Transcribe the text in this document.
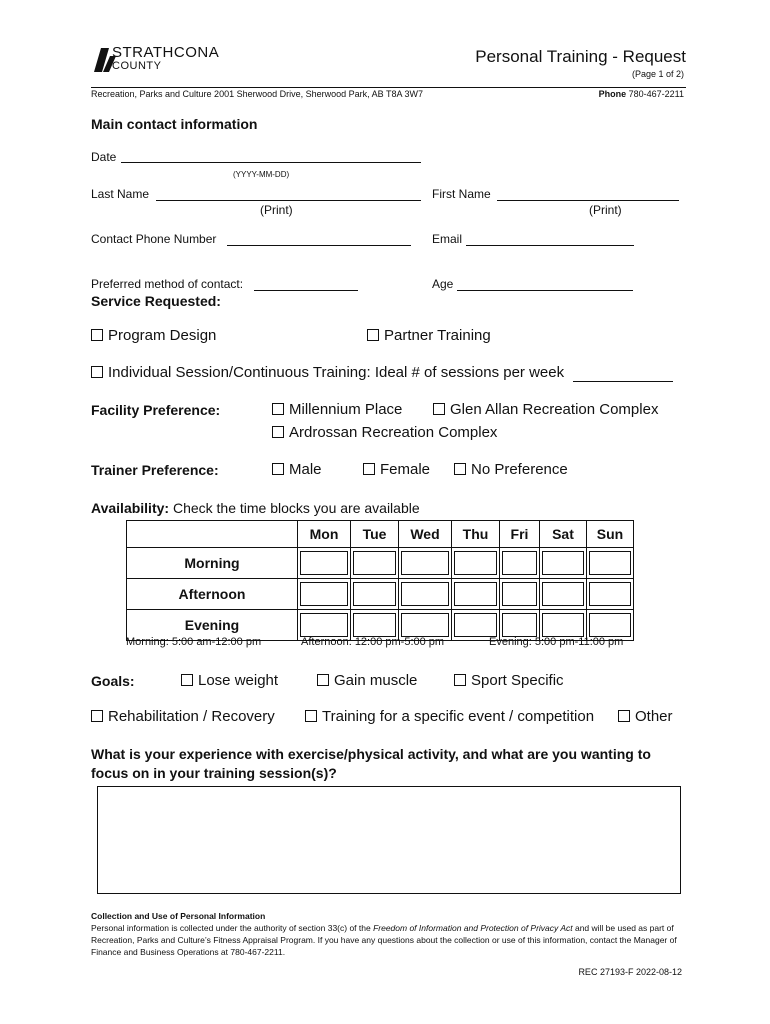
STRATHCONA
COUNTY	Personal Training - Request
(Page 1 of 2)
Recreation, Parks and Culture 2001 Sherwood Drive, Sherwood Park, AB T8A 3W7	Phone 780-467-2211
Main contact information
Date
(YYYY-MM-DD)
Last Name
(Print)
First Name
(Print)
Contact Phone Number	Email
Preferred method of contact:	Age
Service Requested:
Program Design	Partner Training
Individual Session/Continuous Training: Ideal # of sessions per week
Facility Preference:	Millennium Place	Glen Allan Recreation Complex
Ardrossan Recreation Complex
Trainer Preference:	Male	Female	No Preference
Availability: Check the time blocks you are available
	Mon	Tue	Wed	Thu	Fri	Sat	Sun
Morning	

Afternoon	

Evening	

Morning: 5:00 am-12:00 pm	Afternoon: 12:00 pm-5:00 pm	Evening: 5:00 pm-11:00 pm
Goals:	Lose weight	Gain muscle	Sport Specific
Rehabilitation / Recovery	Training for a specific event / competition	Other
What is your experience with exercise/physical activity, and what are you wanting to focus on in your training session(s)?
Collection and Use of Personal Information
Personal information is collected under the authority of section 33(c) of the Freedom of Information and Protection of Privacy Act and will be used as part of Recreation, Parks and Culture’s Fitness Appraisal Program. If you have any questions about the collection or use of this information, contact the Manager of Finance and Business Operations at 780-467-2211.
REC 27193-F 2022-08-12
